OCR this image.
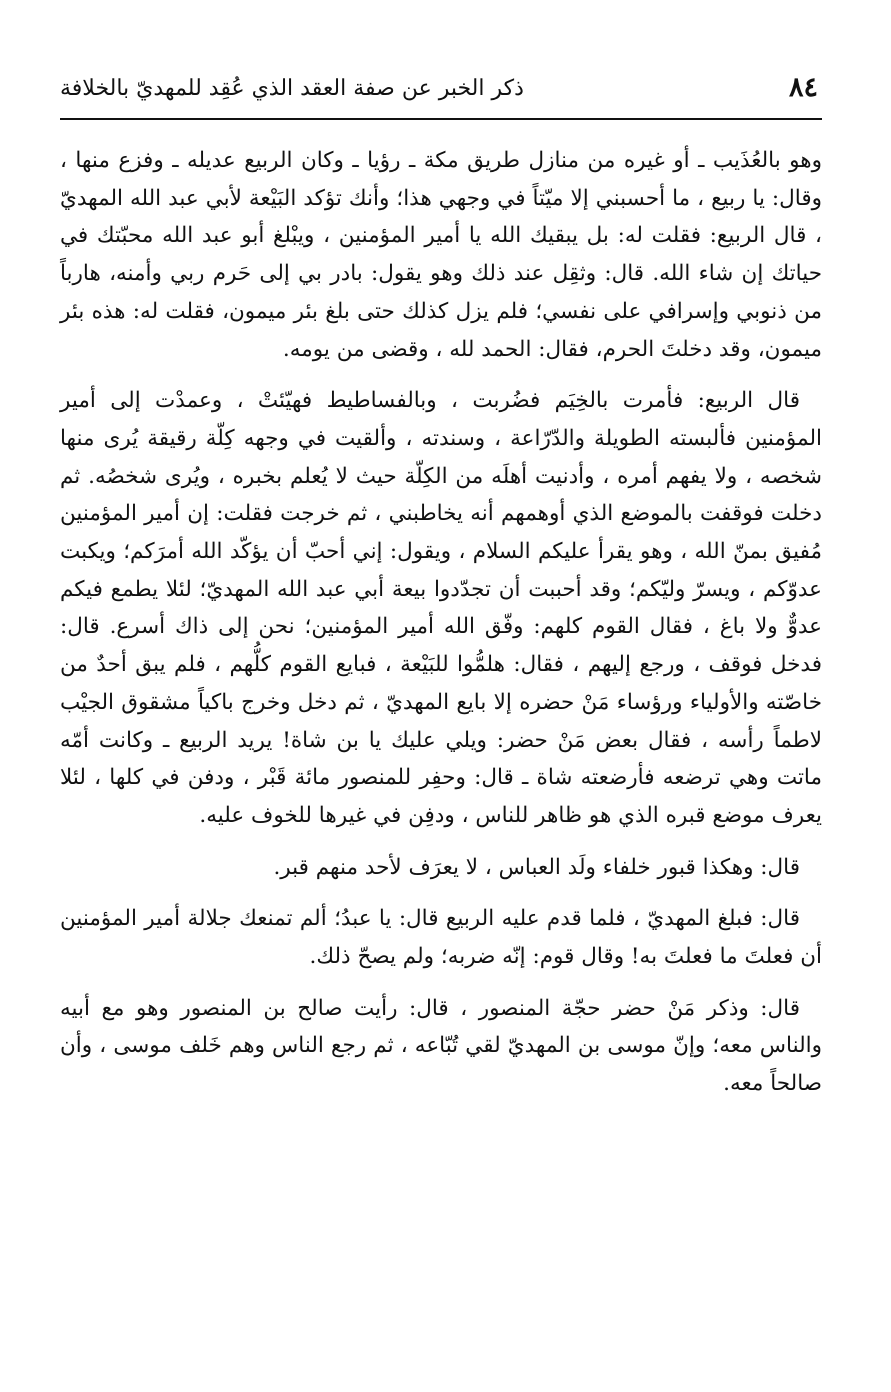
٨٤
ذكر الخبر عن صفة العقد الذي عُقِد للمهديّ بالخلافة

وهو بالعُذَيب ـ أو غيره من منازل طريق مكة ـ رؤيا ـ وكان الربيع عديله ـ وفزع منها ، وقال: يا ربيع ، ما أحسبني إلا ميّتاً في وجهي هذا؛ وأنك تؤكد البَيْعة لأبي عبد الله المهديّ ، قال الربيع: فقلت له: بل يبقيك الله يا أمير المؤمنين ، ويبْلغ أبو عبد الله محبّتك في حياتك إن شاء الله. قال: وثقِل عند ذلك وهو يقول: بادر بي إلى حَرم ربي وأمنه، هارباً من ذنوبي وإسرافي على نفسي؛ فلم يزل كذلك حتى بلغ بئر ميمون، فقلت له: هذه بئر ميمون، وقد دخلتَ الحرم، فقال: الحمد لله ، وقضى من يومه.

قال الربيع: فأمرت بالخِيَم فضُربت ، وبالفساطيط فهيّئتْ ، وعمدْت إلى أمير المؤمنين فألبسته الطويلة والدّرّاعة ، وسندته ، وألقيت في وجهه كِلّة رقيقة يُرى منها شخصه ، ولا يفهم أمره ، وأدنيت أهلَه من الكِلّة حيث لا يُعلم بخبره ، ويُرى شخصُه. ثم دخلت فوقفت بالموضع الذي أوهمهم أنه يخاطبني ، ثم خرجت فقلت: إن أمير المؤمنين مُفيق بمنّ الله ، وهو يقرأ عليكم السلام ، ويقول: إني أحبّ أن يؤكّد الله أمرَكم؛ ويكبت عدوّكم ، ويسرّ وليّكم؛ وقد أحببت أن تجدّدوا بيعة أبي عبد الله المهديّ؛ لئلا يطمع فيكم عدوٌّ ولا باغ ، فقال القوم كلهم: وفّق الله أمير المؤمنين؛ نحن إلى ذاك أسرع. قال: فدخل فوقف ، ورجع إليهم ، فقال: هلمُّوا للبَيْعة ، فبايع القوم كلُّهم ، فلم يبق أحدٌ من خاصّته والأولياء ورؤساء مَنْ حضره إلا بايع المهديّ ، ثم دخل وخرج باكياً مشقوق الجيْب لاطماً رأسه ، فقال بعض مَنْ حضر: ويلي عليك يا بن شاة! يريد الربيع ـ وكانت أمّه ماتت وهي ترضعه فأرضعته شاة ـ قال: وحفِر للمنصور مائة قَبْر ، ودفن في كلها ، لئلا يعرف موضع قبره الذي هو ظاهر للناس ، ودفِن في غيرها للخوف عليه.

قال: وهكذا قبور خلفاء ولَد العباس ، لا يعرَف لأحد منهم قبر.

قال: فبلغ المهديّ ، فلما قدم عليه الربيع قال: يا عبدُ؛ ألم تمنعك جلالة أمير المؤمنين أن فعلتَ ما فعلتَ به! وقال قوم: إنّه ضربه؛ ولم يصحّ ذلك.

قال: وذكر مَنْ حضر حجّة المنصور ، قال: رأيت صالح بن المنصور وهو مع أبيه والناس معه؛ وإنّ موسى بن المهديّ لقي تُبّاعه ، ثم رجع الناس وهم خَلف موسى ، وأن صالحاً معه.
